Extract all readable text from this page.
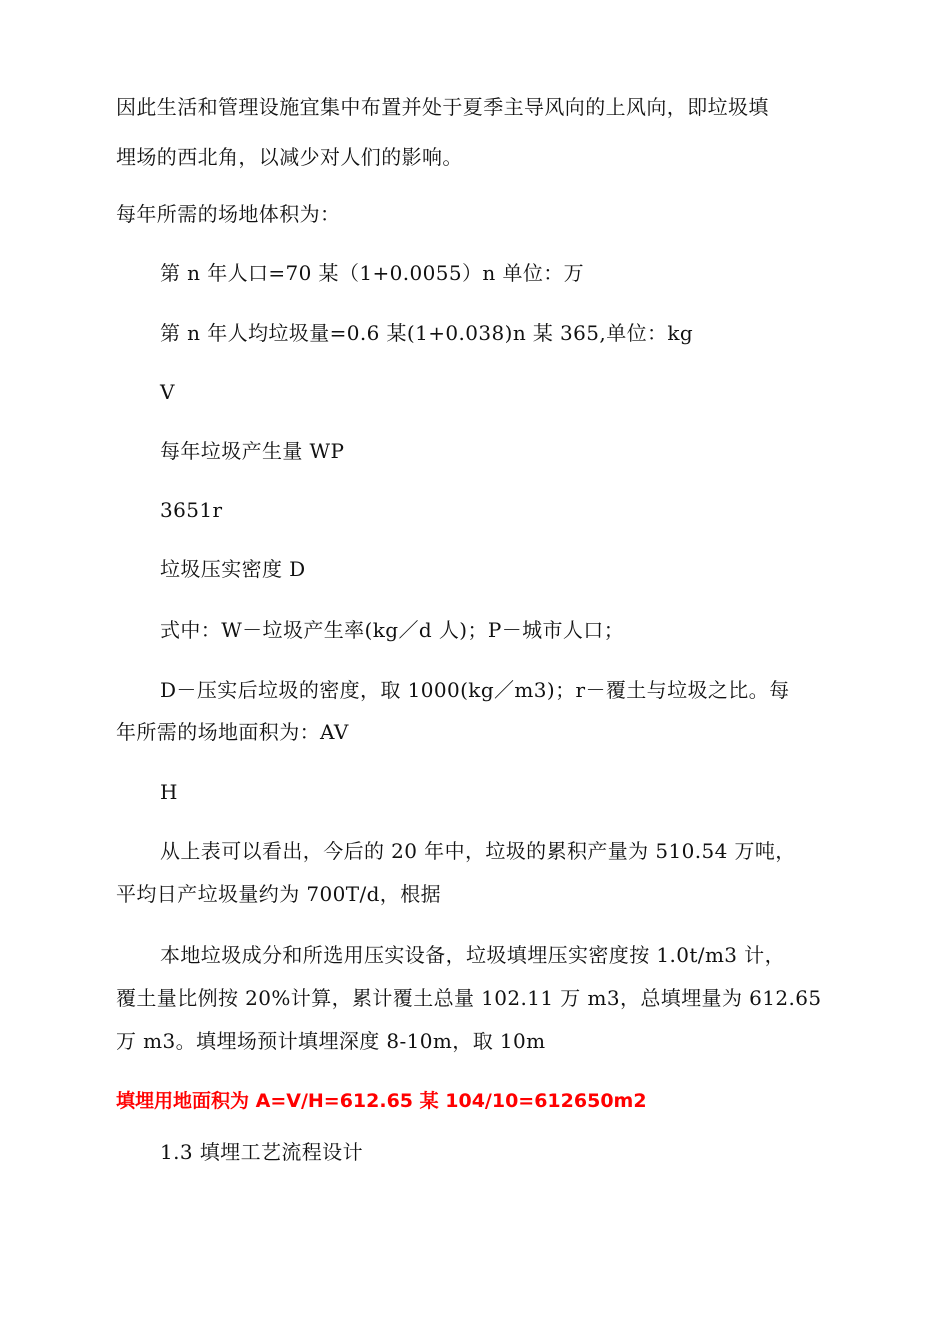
因此生活和管理设施宜集中布置并处于夏季主导风向的上风向，即垃圾填
埋场的西北角，以减少对人们的影响。
每年所需的场地体积为：
第 n 年人口=70 某（1+0.0055）n 单位：万
第 n 年人均垃圾量=0.6 某(1+0.038)n 某 365,单位：kg
V
每年垃圾产生量 WP
3651r
垃圾压实密度 D
式中：W－垃圾产生率(kg／d 人)；P－城市人口；
D－压实后垃圾的密度，取 1000(kg／m3)；r－覆土与垃圾之比。每
年所需的场地面积为：AV
H
从上表可以看出，今后的 20 年中，垃圾的累积产量为 510.54 万吨，
平均日产垃圾量约为 700T/d，根据
本地垃圾成分和所选用压实设备，垃圾填埋压实密度按 1.0t/m3 计，
覆土量比例按 20%计算，累计覆土总量 102.11 万 m3，总填埋量为 612.65
万 m3。填埋场预计填埋深度 8-10m，取 10m
填埋用地面积为 A=V/H=612.65 某 104/10=612650m2
1.3 填埋工艺流程设计
